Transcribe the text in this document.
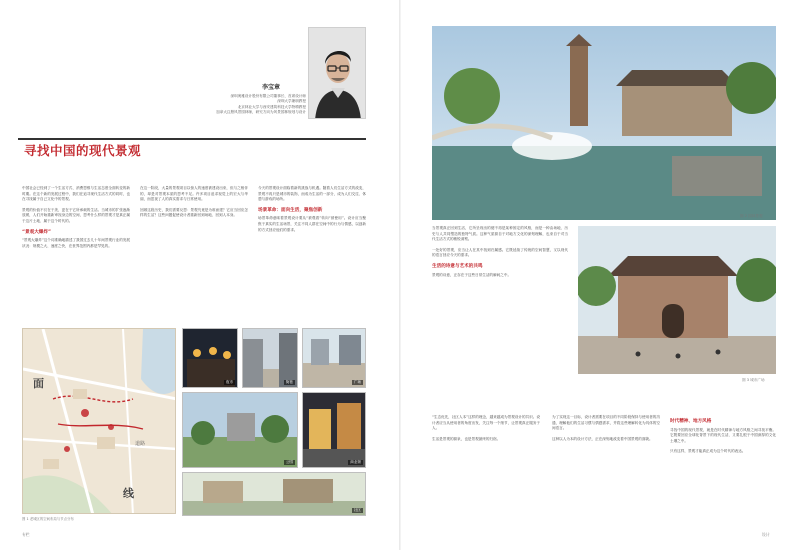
李宝章
深圳奥雅设计股份有限公司董事长、首席设计师
深圳大学兼职教授
北京林业大学与西安建筑科技大学特聘教授
加拿大注册风景园林师，研究方向为风景园林规划与设计
寻找中国的现代景观

中国社会已经到了一个生活方式、消费思维与生活态度全面转变的新时期。在这个新的发展过程中，我们在追寻现代生活方式的同时，也在寻找属于自己文化中的景观。

景观的价值不仅在于美，更在于它所承载的生活。当城市的扩张逐渐放缓，人们开始重新审视身边的空间，思考什么样的景观才是真正属于这片土地、属于这个时代的。

“景观大爆炸”

“景观大爆炸”这个词准确地描述了我国过去几十年间景观行业的发展状况：规模之大、速度之快，在世界范围内都是罕见的。

在这一阶段，大量的景观项目以惊人的速度被建设出来，但与之相伴的，却是对景观本质的思考不足。许多项目追求视觉上的宏大与华丽，而忽视了人的真实需求与日常使用。

回顾这段历史，我们需要反思：景观究竟是为谁而建？它应当回应怎样的生活？这些问题促使设计者重新回到场地、回到人本身。

今天的景观设计面临着新的挑战与机遇。随着人们生活方式的改变，景观不再只是城市的装饰，而成为生活的一部分，成为人们交往、休憩与游戏的场所。

场景革命：面向生活，聚焦创新

场景革命意味着景观设计要从“被观看”转向“被使用”。设计应当聚焦于真实的生活场景，关注不同人群在空间中的行为与情感，以创新的方式回应他们的需求。

面
线
道路
图 1 老城区的空间布局与节点分布
夜市	街巷	广场
公园	商业街
社区
专栏
图 2 园林景观

当景观真正回到生活，它所呈现出的便不再是某种固定的风格，而是一种由场地、历史与人共同塑造的独特气质。这种气质源自于对地方文化的深刻理解，也来自于对当代生活方式的敏锐洞察。

一处好的景观，应当让人在其中找到归属感。它既延续了传统的空间智慧，又以现代的语言回应今天的需求。

生活的诗意与艺术的共鸣

景观的诗意，正存在于这些日常生活的瞬间之中。

图 3 城市广场

“生态优先，社区人本”这样的理念，越来越成为景观设计的共识。设计者应当从使用者的角度出发，关注每一个细节，让景观真正服务于人。

生活是景观的源泉，也是景观最终的归宿。

为了实现这一目标，设计者需要在项目的不同阶段保持与使用者的沟通，理解他们的生活习惯与情感需求，并将这些理解转化为具体的空间语言。

这种以人为本的设计方法，正在深刻地改变着中国景观的面貌。

时代精神、地方风格

寻找中国的现代景观，就是在时代精神与地方风格之间寻找平衡。它既要回应全球化背景下的现代生活，又要扎根于中国深厚的文化土壤之中。

只有这样，景观才能真正成为这个时代的表达。

设计
